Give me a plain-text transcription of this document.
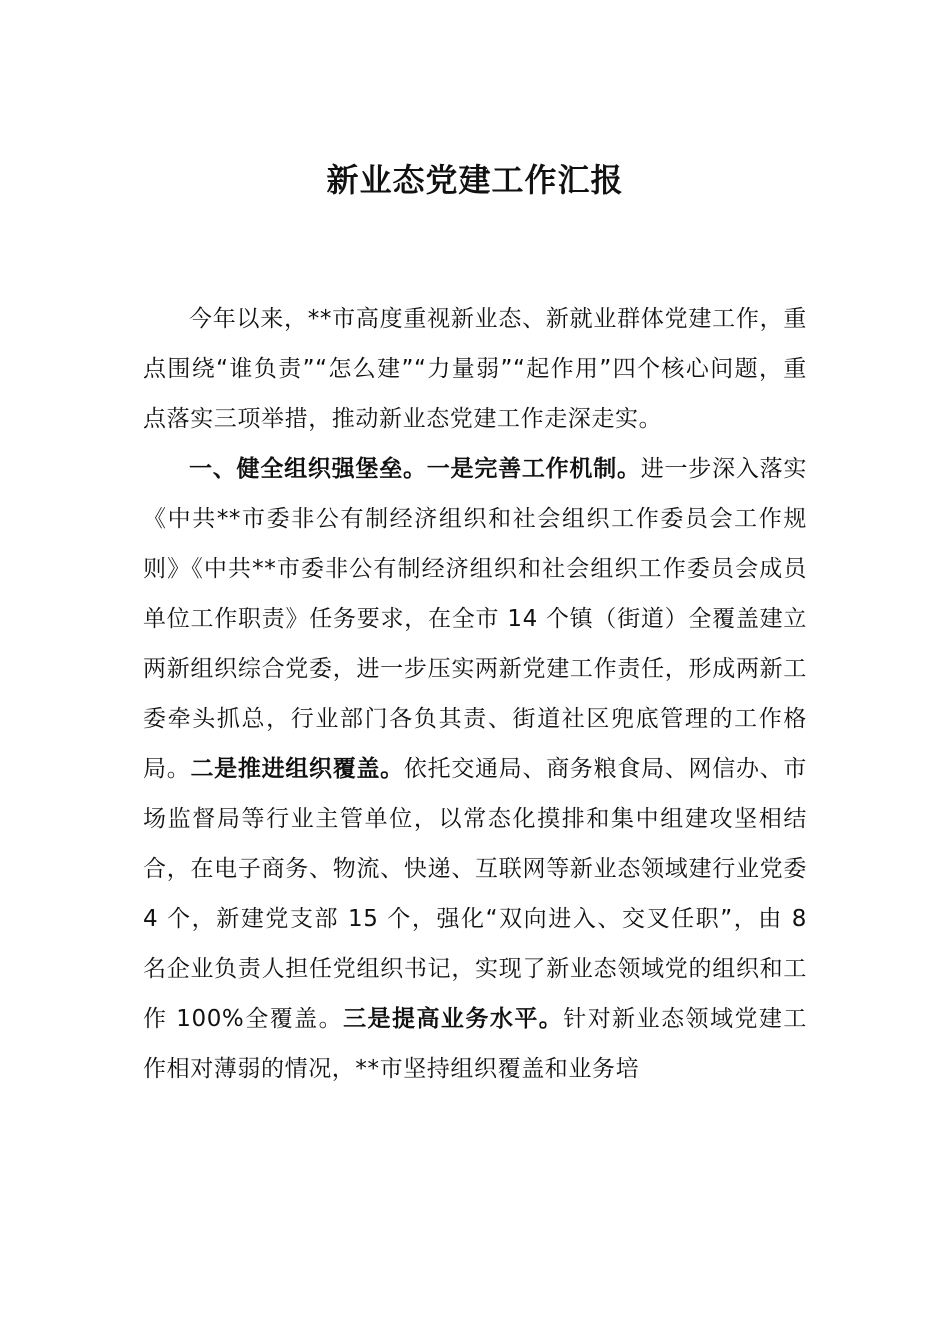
新业态党建工作汇报

今年以来，**市高度重视新业态、新就业群体党建工作，重点围绕“谁负责”“怎么建”“力量弱”“起作用”四个核心问题，重点落实三项举措，推动新业态党建工作走深走实。

一、健全组织强堡垒。一是完善工作机制。进一步深入落实《中共**市委非公有制经济组织和社会组织工作委员会工作规则》《中共**市委非公有制经济组织和社会组织工作委员会成员单位工作职责》任务要求，在全市 14 个镇（街道）全覆盖建立两新组织综合党委，进一步压实两新党建工作责任，形成两新工委牵头抓总，行业部门各负其责、街道社区兜底管理的工作格局。二是推进组织覆盖。依托交通局、商务粮食局、网信办、市场监督局等行业主管单位，以常态化摸排和集中组建攻坚相结合，在电子商务、物流、快递、互联网等新业态领域建行业党委 4 个，新建党支部 15 个，强化“双向进入、交叉任职”，由 8 名企业负责人担任党组织书记，实现了新业态领域党的组织和工作 100%全覆盖。三是提高业务水平。针对新业态领域党建工作相对薄弱的情况，**市坚持组织覆盖和业务培
